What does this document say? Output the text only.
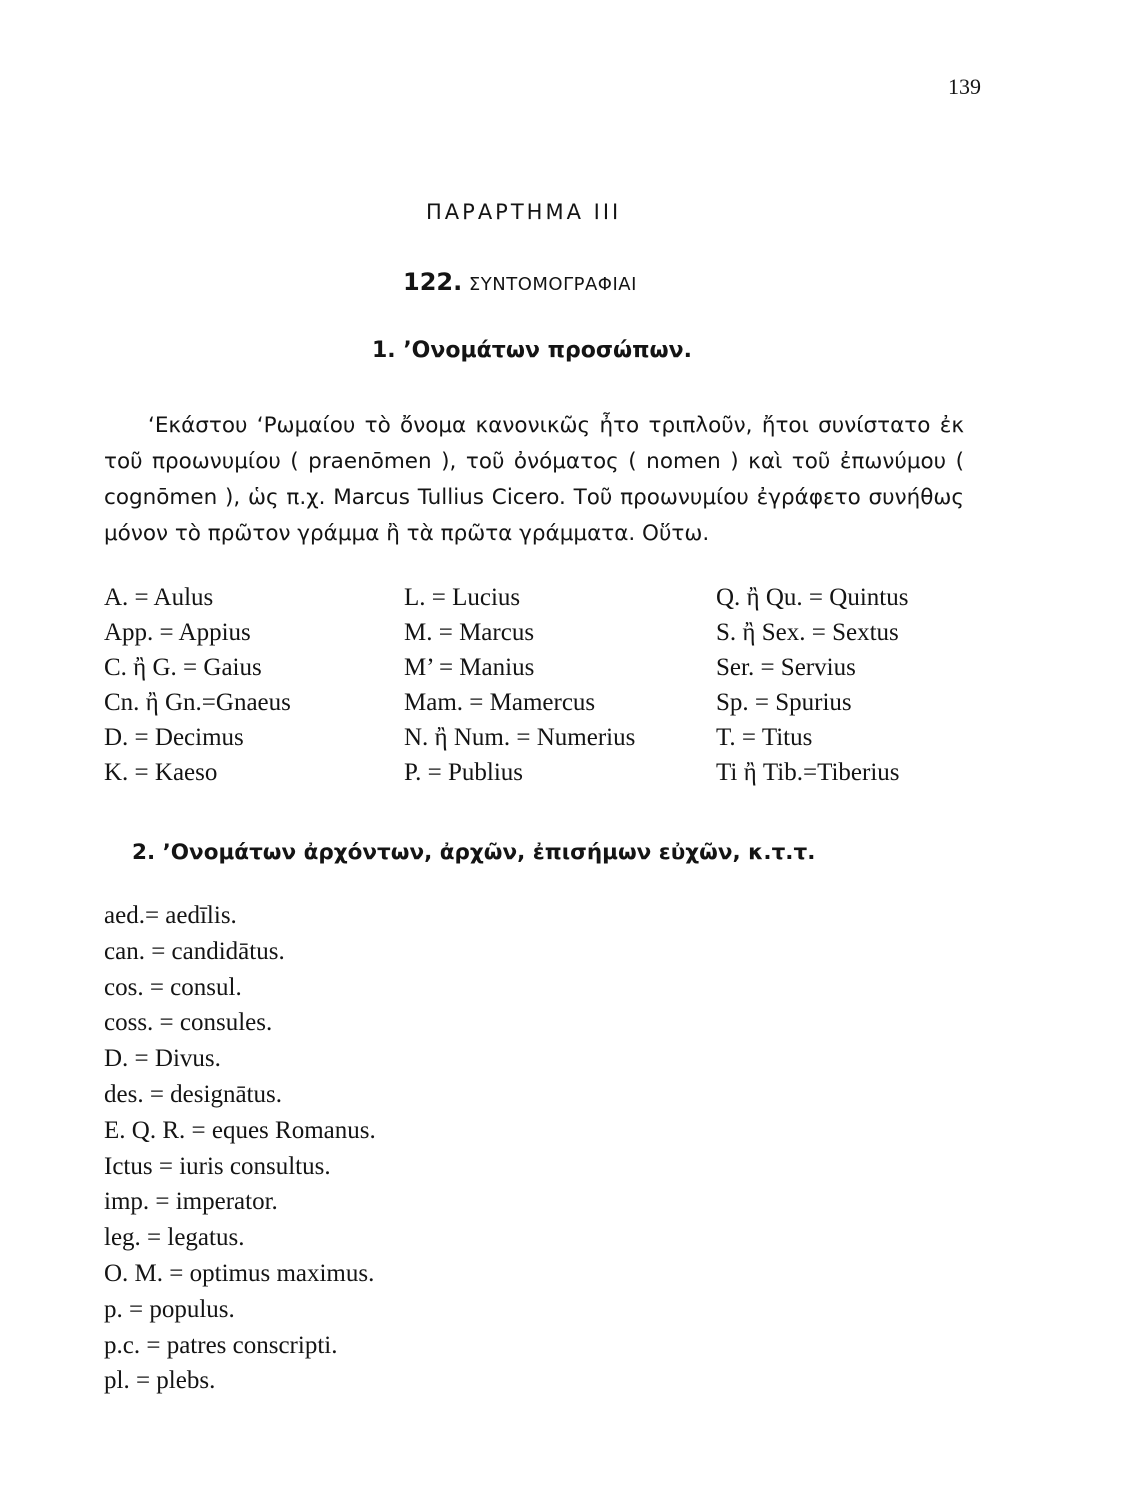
139
ΠΑΡΑΡΤΗΜΑ ΙΙΙ
122. ΣΥΝΤΟΜΟΓΡΑΦΙΑΙ
1. ’Ονομάτων προσώπων.

‘Εκάστου ‘Ρωμαίου τὸ ὄνομα κανονικῶς ἦτο τριπλοῦν, ἤτοι συνίστατο ἐκ τοῦ προωνυμίου ( praenōmen ), τοῦ ὀνόματος ( nomen ) καὶ τοῦ ἐπωνύμου ( cognōmen ), ὡς π.χ. Marcus Tullius Cicero. Τοῦ προωνυμίου ἐγράφετο συνήθως μόνον τὸ πρῶτον γράμμα ἢ τὰ πρῶτα γράμματα. Οὕτω.

A. = Aulus
App. = Appius
C. ἢ G. = Gaius
Cn. ἢ Gn.=Gnaeus
D. = Decimus
K. = Kaeso
L. = Lucius
M. = Marcus
M’ = Manius
Mam. = Mamercus
N. ἢ Num. = Numerius
P. = Publius
Q. ἢ Qu. = Quintus
S. ἢ Sex. = Sextus
Ser. = Servius
Sp. = Spurius
T. = Titus
Ti ἢ Tib.=Tiberius
2. ’Ονομάτων ἀρχόντων, ἀρχῶν, ἐπισήμων εὐχῶν, κ.τ.τ.
aed.= aedīlis.
can. = candidātus.
cos. = consul.
coss. = consules.
D. = Divus.
des. = designātus.
E. Q. R. = eques Romanus.
Ictus = iuris consultus.
imp. = imperator.
leg. = legatus.
O. M. = optimus maximus.
p. = populus.
p.c. = patres conscripti.
pl. = plebs.
